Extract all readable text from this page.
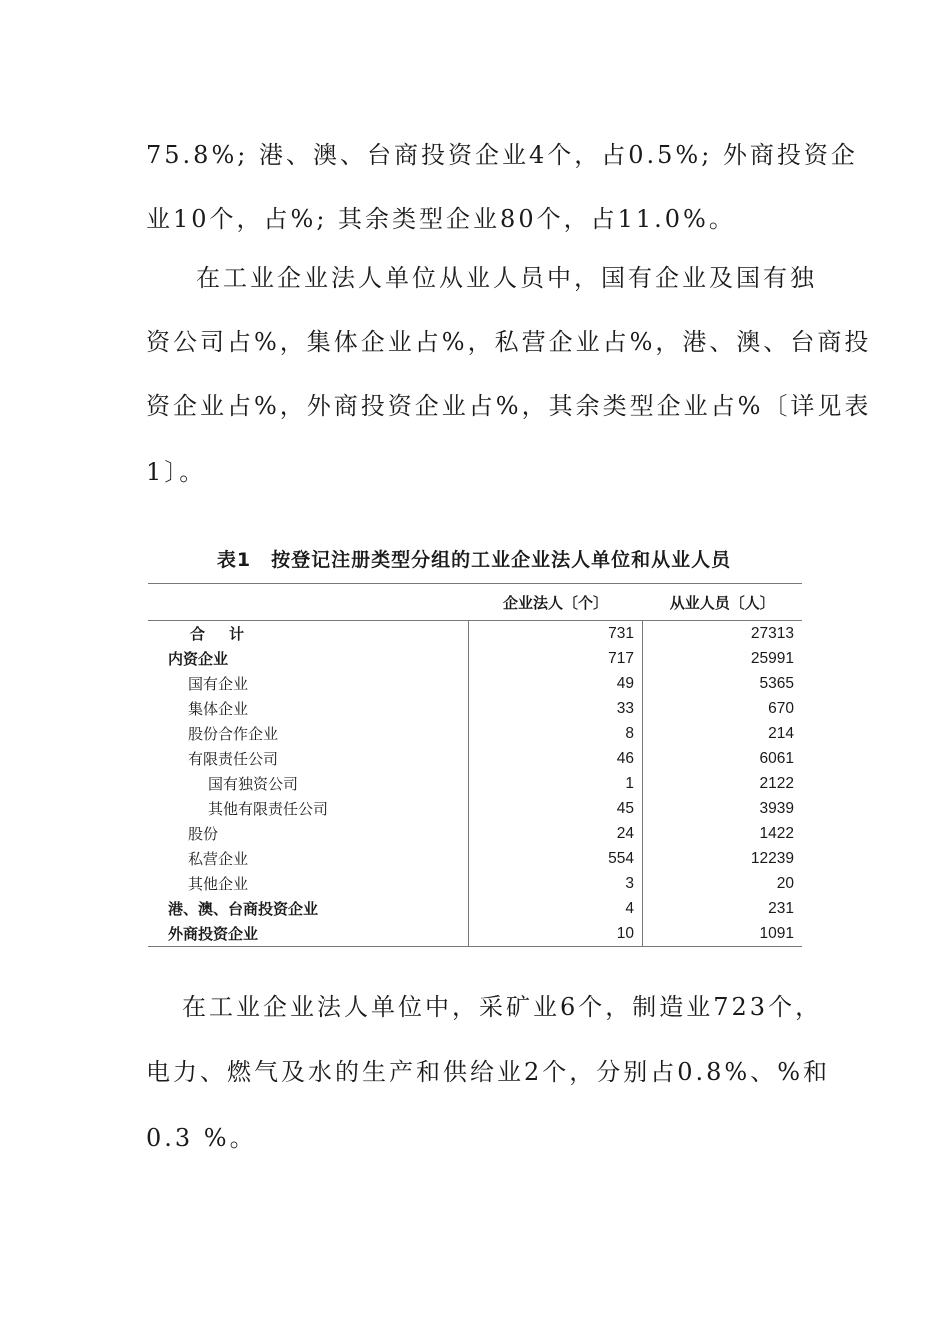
75.8%; 港、澳、台商投资企业4个，占0.5%; 外商投资企
业10个，占%; 其余类型企业80个，占11.0%。
在工业企业法人单位从业人员中，国有企业及国有独
资公司占%，集体企业占%，私营企业占%，港、澳、台商投
资企业占%，外商投资企业占%，其余类型企业占%〔详见表
1〕。
表1　按登记注册类型分组的工业企业法人单位和从业人员
	企业法人〔个〕	从业人员〔人〕
合计	731	27313
内资企业	717	25991
国有企业	49	5365
集体企业	33	670
股份合作企业	8	214
有限责任公司	46	6061
国有独资公司	1	2122
其他有限责任公司	45	3939
股份	24	1422
私营企业	554	12239
其他企业	3	20
港、澳、台商投资企业	4	231
外商投资企业	10	1091
在工业企业法人单位中，采矿业6个，制造业723个，
电力、燃气及水的生产和供给业2个，分别占0.8%、%和
0.3 %。
